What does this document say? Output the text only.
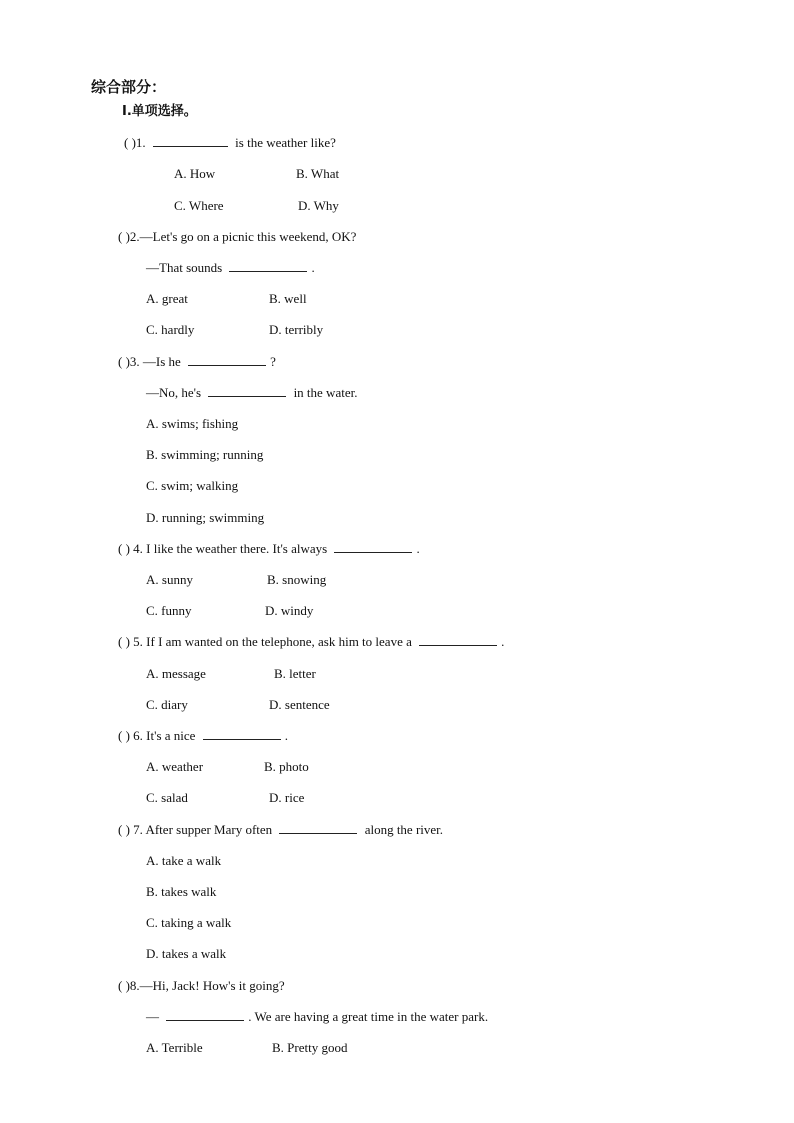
综合部分：
Ⅰ.单项选择。
( )1.	is the weather like?
A. How	B. What
C. Where	D. Why
( )2.—Let's go on a picnic this weekend, OK?
—That sounds	.
A. great	B. well
C. hardly	D. terribly
( )3. —Is he	?
—No, he's	in the water.
A. swims; fishing
B. swimming; running
C. swim; walking
D. running; swimming
( ) 4. I like the weather there. It's always	.
A. sunny	B. snowing
C. funny	D. windy
( ) 5. If I am wanted on the telephone, ask him to leave a	.
A. message	B. letter
C. diary	D. sentence
( ) 6. It's a nice	.
A. weather	B. photo
C. salad	D. rice
( ) 7. After supper Mary often	along the river.
A. take a walk
B. takes walk
C. taking a walk
D. takes a walk
( )8.—Hi, Jack! How's it going?
—	. We are having a great time in the water park.
A. Terrible	B. Pretty good
